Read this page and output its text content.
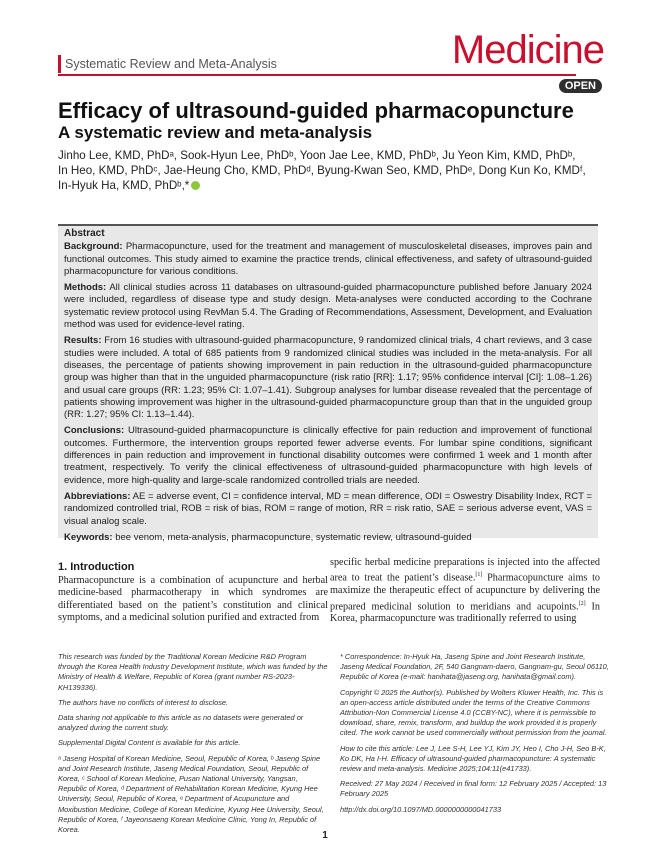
Systematic Review and Meta-Analysis	Medicine
OPEN
Efficacy of ultrasound-guided pharmacopuncture
A systematic review and meta-analysis
Jinho Lee, KMD, PhDᵃ, Sook-Hyun Lee, PhDᵇ, Yoon Jae Lee, KMD, PhDᵇ, Ju Yeon Kim, KMD, PhDᵇ, In Heo, KMD, PhDᶜ, Jae-Heung Cho, KMD, PhDᵈ, Byung-Kwan Seo, KMD, PhDᵉ, Dong Kun Ko, KMDᶠ, In-Hyuk Ha, KMD, PhDᵇ,*
Abstract

Background: Pharmacopuncture, used for the treatment and management of musculoskeletal diseases, improves pain and functional outcomes. This study aimed to examine the practice trends, clinical effectiveness, and safety of ultrasound-guided pharmacopuncture for various conditions.

Methods: All clinical studies across 11 databases on ultrasound-guided pharmacopuncture published before January 2024 were included, regardless of disease type and study design. Meta-analyses were conducted according to the Cochrane systematic review protocol using RevMan 5.4. The Grading of Recommendations, Assessment, Development, and Evaluation method was used for evidence-level rating.

Results: From 16 studies with ultrasound-guided pharmacopuncture, 9 randomized clinical trials, 4 chart reviews, and 3 case studies were included. A total of 685 patients from 9 randomized clinical studies was included in the meta-analysis. For all diseases, the percentage of patients showing improvement in pain reduction in the ultrasound-guided pharmacopuncture group was higher than that in the unguided pharmacopuncture (risk ratio [RR]: 1.17; 95% confidence interval [CI]: 1.08–1.26) and usual care groups (RR: 1.23; 95% CI: 1.07–1.41). Subgroup analyses for lumbar disease revealed that the percentage of patients showing improvement was higher in the ultrasound-guided pharmacopuncture group than that in the unguided group (RR: 1.27; 95% CI: 1.13–1.44).

Conclusions: Ultrasound-guided pharmacopuncture is clinically effective for pain reduction and improvement of functional outcomes. Furthermore, the intervention groups reported fewer adverse events. For lumbar spine conditions, significant differences in pain reduction and improvement in functional disability outcomes were confirmed 1 week and 1 month after treatment, respectively. To verify the clinical effectiveness of ultrasound-guided pharmacopuncture with high levels of evidence, more high-quality and large-scale randomized controlled trials are needed.

Abbreviations: AE = adverse event, CI = confidence interval, MD = mean difference, ODI = Oswestry Disability Index, RCT = randomized controlled trial, ROB = risk of bias, ROM = range of motion, RR = risk ratio, SAE = serious adverse event, VAS = visual analog scale.

Keywords: bee venom, meta-analysis, pharmacopuncture, systematic review, ultrasound-guided

1. Introduction
Pharmacopuncture is a combination of acupuncture and herbal medicine-based pharmacotherapy in which syndromes are differentiated based on the patient’s constitution and clinical symptoms, and a medicinal solution purified and extracted from
specific herbal medicine preparations is injected into the affected area to treat the patient’s disease.[1] Pharmacopuncture aims to maximize the therapeutic effect of acupuncture by delivering the prepared medicinal solution to meridians and acupoints.[2] In Korea, pharmacopuncture was traditionally referred to using

This research was funded by the Traditional Korean Medicine R&D Program through the Korea Health Industry Development Institute, which was funded by the Ministry of Health & Welfare, Republic of Korea (grant number RS-2023-KH139336).

The authors have no conflicts of interest to disclose.

Data sharing not applicable to this article as no datasets were generated or analyzed during the current study.

Supplemental Digital Content is available for this article.

ᵃ Jaseng Hospital of Korean Medicine, Seoul, Republic of Korea, ᵇ Jaseng Spine and Joint Research Institute, Jaseng Medical Foundation, Seoul, Republic of Korea, ᶜ School of Korean Medicine, Pusan National University, Yangsan, Republic of Korea, ᵈ Department of Rehabilitation Korean Medicine, Kyung Hee University, Seoul, Republic of Korea, ᵉ Department of Acupuncture and Moxibustion Medicine, College of Korean Medicine, Kyung Hee University, Seoul, Republic of Korea, ᶠ Jayeonsaeng Korean Medicine Clinic, Yong In, Republic of Korea.

* Correspondence: In-Hyuk Ha, Jaseng Spine and Joint Research Institute, Jaseng Medical Foundation, 2F, 540 Gangnam-daero, Gangnam-gu, Seoul 06110, Republic of Korea (e-mail: hanihata@jaseng.org, hanihata@gmail.com).

Copyright © 2025 the Author(s). Published by Wolters Kluwer Health, Inc. This is an open-access article distributed under the terms of the Creative Commons Attribution-Non Commercial License 4.0 (CCBY-NC), where it is permissible to download, share, remix, transform, and buildup the work provided it is properly cited. The work cannot be used commercially without permission from the journal.

How to cite this article: Lee J, Lee S-H, Lee YJ, Kim JY, Heo I, Cho J-H, Seo B-K, Ko DK, Ha I-H. Efficacy of ultrasound-guided pharmacopuncture: A systematic review and meta-analysis. Medicine 2025;104:11(e41733).

Received: 27 May 2024 / Received in final form: 12 February 2025 / Accepted: 13 February 2025

http://dx.doi.org/10.1097/MD.0000000000041733

1
